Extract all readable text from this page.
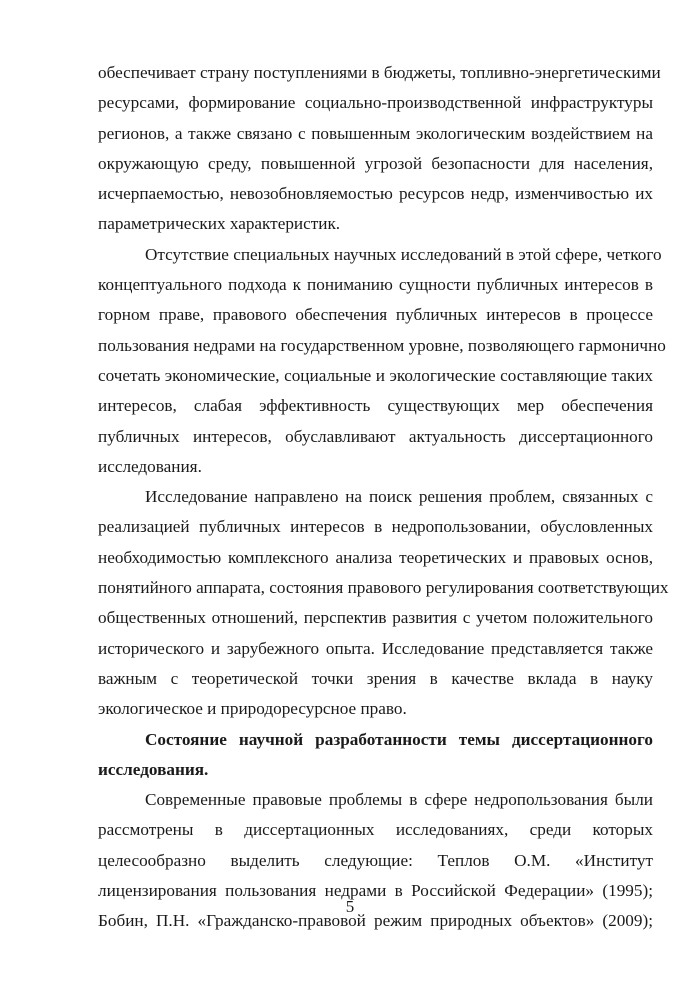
обеспечивает страну поступлениями в бюджеты, топливно-энергетическими
ресурсами, формирование социально-производственной инфраструктуры
регионов, а также связано с повышенным экологическим воздействием на
окружающую среду, повышенной угрозой безопасности для населения,
исчерпаемостью, невозобновляемостью ресурсов недр, изменчивостью их
параметрических характеристик.
Отсутствие специальных научных исследований в этой сфере, четкого
концептуального подхода к пониманию сущности публичных интересов в
горном праве, правового обеспечения публичных интересов в процессе
пользования недрами на государственном уровне, позволяющего гармонично
сочетать экономические, социальные и экологические составляющие таких
интересов, слабая эффективность существующих мер обеспечения
публичных интересов, обуславливают актуальность диссертационного
исследования.
Исследование направлено на поиск решения проблем, связанных с
реализацией публичных интересов в недропользовании, обусловленных
необходимостью комплексного анализа теоретических и правовых основ,
понятийного аппарата, состояния правового регулирования соответствующих
общественных отношений, перспектив развития с учетом положительного
исторического и зарубежного опыта. Исследование представляется также
важным с теоретической точки зрения в качестве вклада в науку
экологическое и природоресурсное право.
Состояние научной разработанности темы диссертационного
исследования.
Современные правовые проблемы в сфере недропользования были
рассмотрены в диссертационных исследованиях, среди которых
целесообразно выделить следующие: Теплов О.М. «Институт
лицензирования пользования недрами в Российской Федерации» (1995);
Бобин, П.Н. «Гражданско-правовой режим природных объектов» (2009);
5
